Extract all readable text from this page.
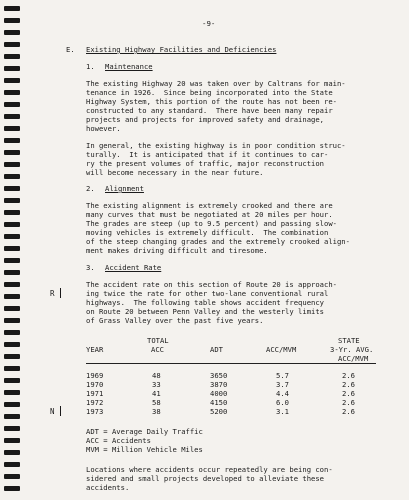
-9-
E. Existing Highway Facilities and Deficiencies
1. Maintenance
The existing Highway 20 was taken over by Caltrans for main-
tenance in 1926.  Since being incorporated into the State
Highway System, this portion of the route has not been re-
constructed to any standard.  There have been many repair
projects and projects for improved safety and drainage,
however.
In general, the existing highway is in poor condition struc-
turally.  It is anticipated that if it continues to car-
ry the present volumes of traffic, major reconstruction
will become necessary in the near future.
2. Alignment
The existing alignment is extremely crooked and there are
many curves that must be negotiated at 20 miles per hour.
The grades are steep (up to 9.5 percent) and passing slow-
moving vehicles is extremely difficult.  The combination
of the steep changing grades and the extremely crooked align-
ment makes driving difficult and tiresome.
3. Accident Rate
The accident rate on this section of Route 20 is approach-
ing twice the rate for other two-lane conventional rural
highways.  The following table shows accident frequency
on Route 20 between Penn Valley and the westerly limits
of Grass Valley over the past five years.
R
TOTAL	STATE
YEAR	ACC	ADT	ACC/MVM	3-Yr. AVG.
ACC/MVM
1969	48	3650	5.7	2.6
1970	33	3870	3.7	2.6
1971	41	4000	4.4	2.6
1972	58	4150	6.0	2.6
1973	38	5200	3.1	2.6
N
ADT = Average Daily Traffic
ACC = Accidents
MVM = Million Vehicle Miles
Locations where accidents occur repeatedly are being con-
sidered and small projects developed to alleviate these
accidents.
